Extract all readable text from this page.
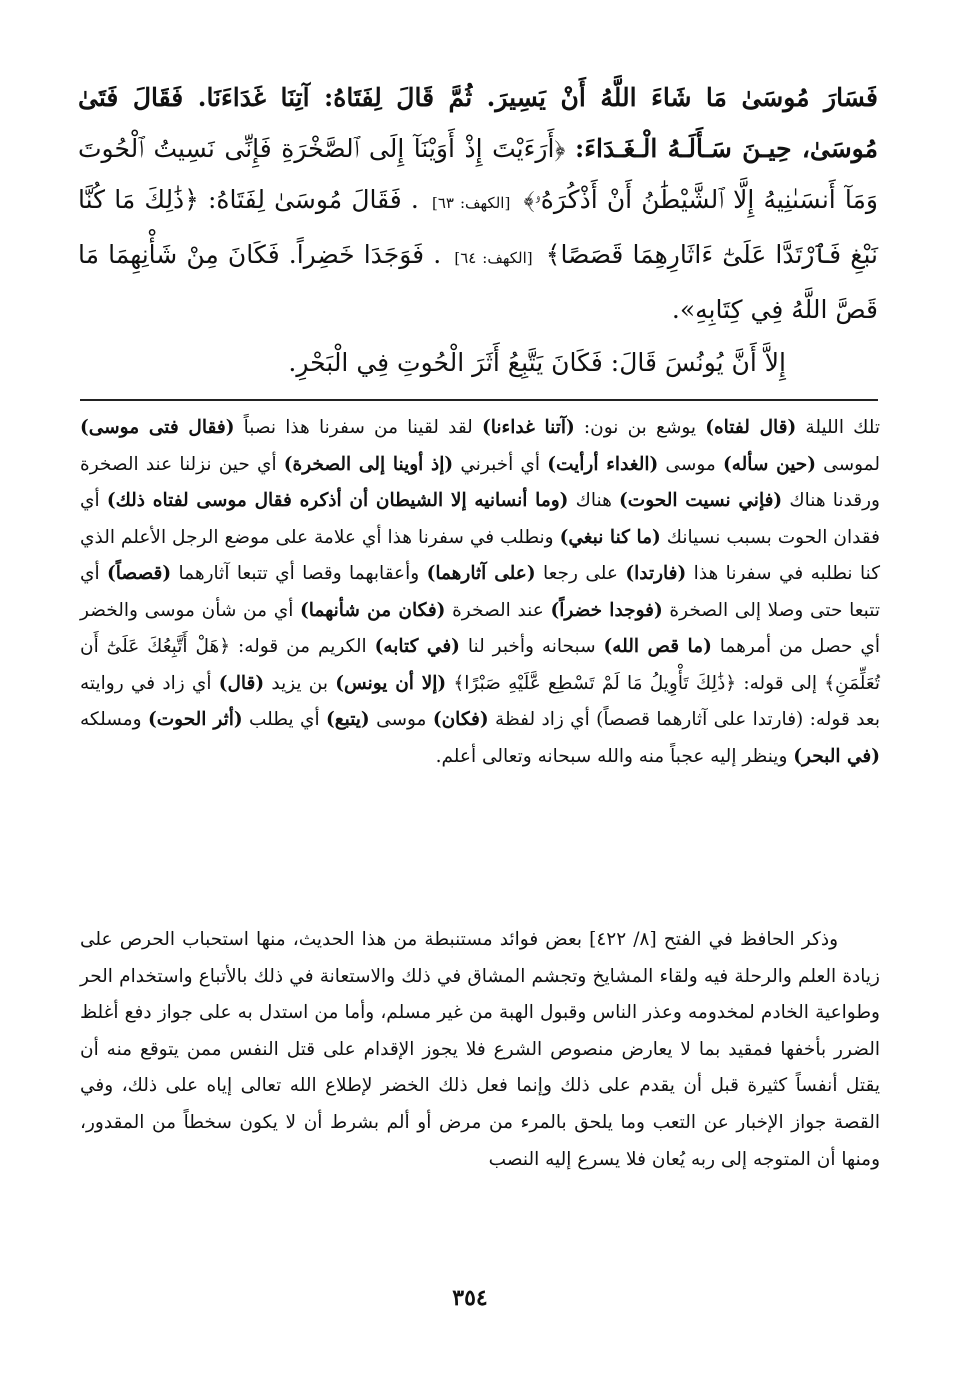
فَسَارَ مُوسَىٰ مَا شَاءَ اللَّهُ أَنْ يَسِيرَ. ثُمَّ قَالَ لِفَتَاهُ: آتِنَا غَدَاءَنَا. فَقَالَ فَتَىٰ مُوسَىٰ، حِيـنَ سَـأَلَـهُ الْـغَـدَاءَ: ﴿أَرَءَيْتَ إِذْ أَوَيْنَآ إِلَى ٱلصَّخْرَةِ فَإِنِّى نَسِيتُ ٱلْحُوتَ وَمَآ أَنسَىٰنِيهُ إِلَّا ٱلشَّيْطَٰنُ أَنْ أَذْكُرَهُۥ﴾ [الكهف: ٦٣] . فَقَالَ مُوسَىٰ لِفَتَاهُ: ﴿ذَٰلِكَ مَا كُنَّا نَبْغِ فَٱرْتَدَّا عَلَىٰٓ ءَاثَارِهِمَا قَصَصًا﴾ [الكهف: ٦٤] . فَوَجَدَا خَضِراً. فَكَانَ مِنْ شَأْنِهِمَا مَا قَصَّ اللَّهُ فِي كِتَابِهِ».

إِلاَّ أَنَّ يُونُسَ قَالَ: فَكَانَ يَتَّبِعُ أَثَرَ الْحُوتِ فِي الْبَحْرِ.

تلك الليلة (قال لفتاه) يوشع بن نون: (آتنا غداءنا) لقد لقينا من سفرنا هذا نصباً (فقال فتى موسى) لموسى (حين سأله) موسى (الغداء أرأيت) أي أخبرني (إذ أوينا إلى الصخرة) أي حين نزلنا عند الصخرة ورقدنا هناك (فإني نسيت الحوت) هناك (وما أنسانيه إلا الشيطان أن أذكره فقال موسى لفتاه ذلك) أي فقدان الحوت بسبب نسيانك (ما كنا نبغي) ونطلب في سفرنا هذا أي علامة على موضع الرجل الأعلم الذي كنا نطلبه في سفرنا هذا (فارتدا) على رجعا (على آثارهما) وأعقابهما وقصا أي تتبعا آثارهما (قصصاً) أي تتبعا حتى وصلا إلى الصخرة (فوجدا خضراً) عند الصخرة (فكان من شأنهما) أي من شأن موسى والخضر أي حصل من أمرهما (ما قص الله) سبحانه وأخبر لنا (في كتابه) الكريم من قوله: ﴿هَلْ أَتَّبِعُكَ عَلَىٰٓ أَن تُعَلِّمَنِ﴾ إلى قوله: ﴿ذَٰلِكَ تَأْوِيلُ مَا لَمْ تَسْطِع عَّلَيْهِ صَبْرًا﴾ (إلا أن يونس) بن يزيد (قال) أي زاد في روايته بعد قوله: (فارتدا على آثارهما قصصاً) أي زاد لفظة (فكان) موسى (يتبع) أي يطلب (أثر الحوت) ومسلكه (في البحر) وينظر إليه عجباً منه والله سبحانه وتعالى أعلم.

وذكر الحافظ في الفتح [٨/ ٤٢٢] بعض فوائد مستنبطة من هذا الحديث، منها استحباب الحرص على زيادة العلم والرحلة فيه ولقاء المشايخ وتجشم المشاق في ذلك والاستعانة في ذلك بالأتباع واستخدام الحر وطواعية الخادم لمخدومه وعذر الناس وقبول الهبة من غير مسلم، وأما من استدل به على جواز دفع أغلظ الضرر بأخفها فمقيد بما لا يعارض منصوص الشرع فلا يجوز الإقدام على قتل النفس ممن يتوقع منه أن يقتل أنفساً كثيرة قبل أن يقدم على ذلك وإنما فعل ذلك الخضر لإطلاع الله تعالى إياه على ذلك، وفي القصة جواز الإخبار عن التعب وما يلحق بالمرء من مرض أو ألم بشرط أن لا يكون سخطاً من المقدور، ومنها أن المتوجه إلى ربه يُعان فلا يسرع إليه النصب

٣٥٤
